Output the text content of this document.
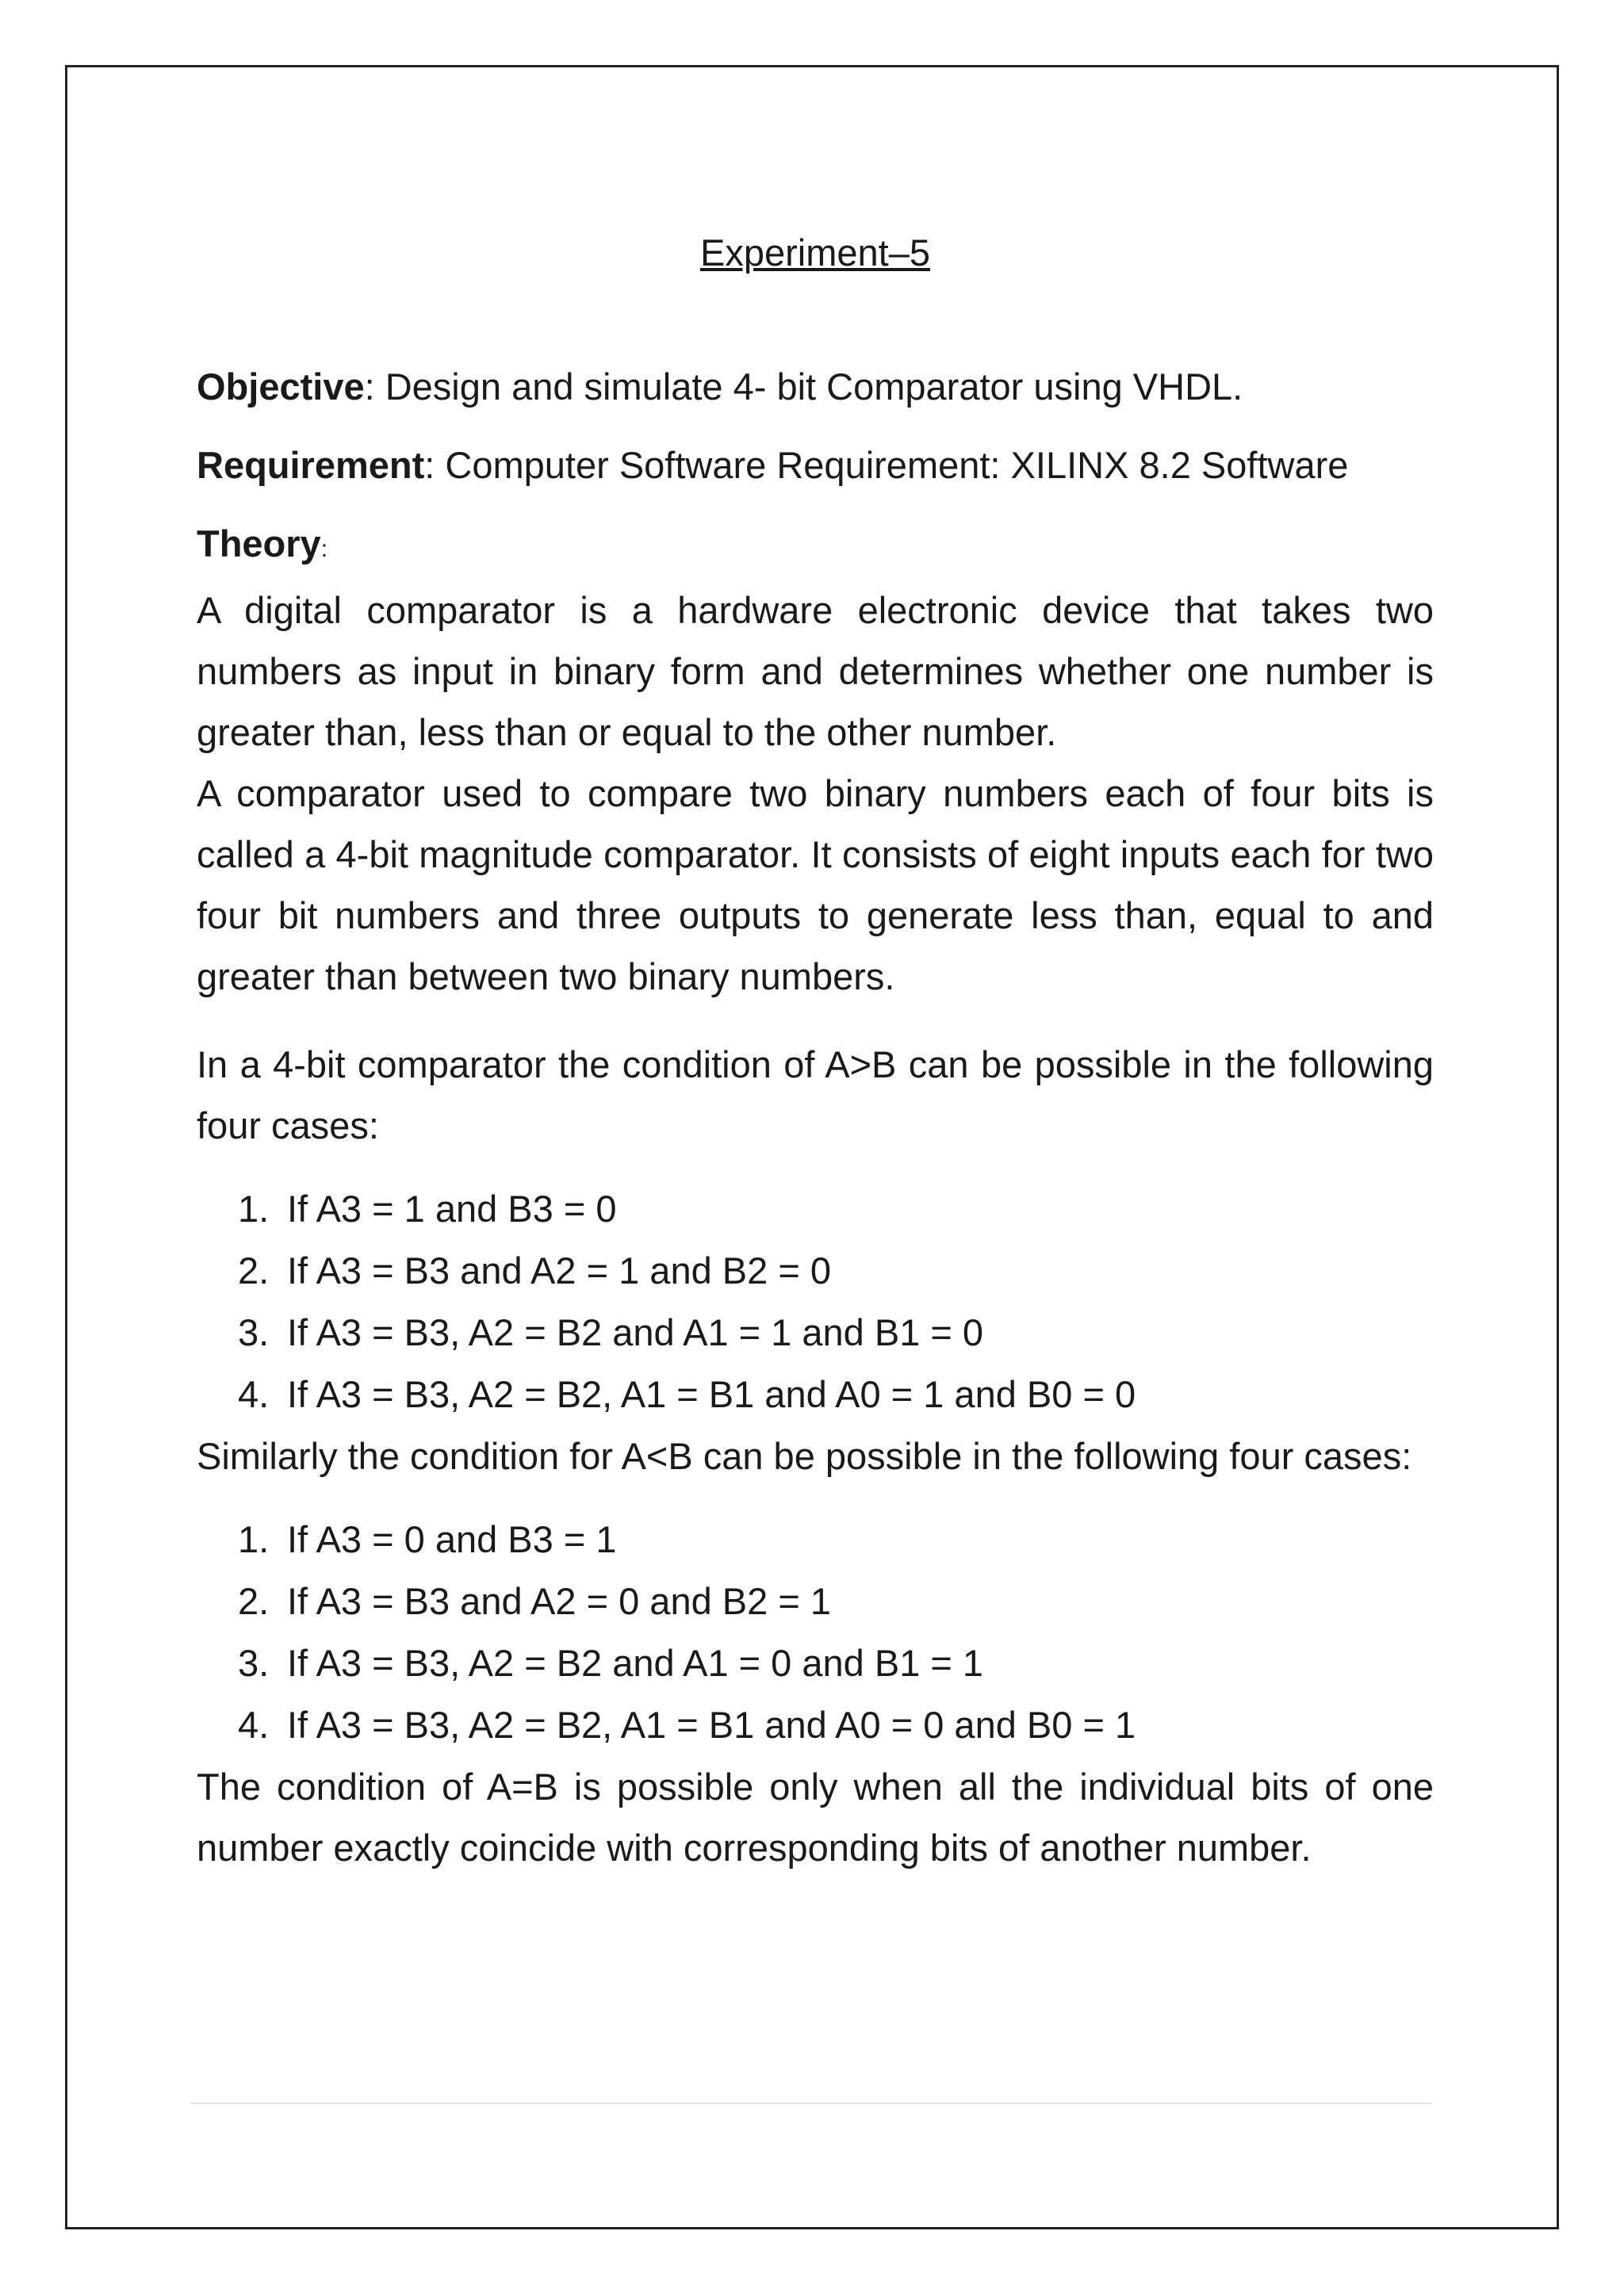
Experiment–5

Objective: Design and simulate 4- bit Comparator using VHDL.

Requirement: Computer Software Requirement: XILINX 8.2 Software

Theory:

A digital comparator is a hardware electronic device that takes two numbers as input in binary form and determines whether one number is greater than, less than or equal to the other number.

A comparator used to compare two binary numbers each of four bits is called a 4-bit magnitude comparator. It consists of eight inputs each for two four bit numbers and three outputs to generate less than, equal to and greater than between two binary numbers.

In a 4-bit comparator the condition of A>B can be possible in the following four cases:

1. If A3 = 1 and B3 = 0
2. If A3 = B3 and A2 = 1 and B2 = 0
3. If A3 = B3, A2 = B2 and A1 = 1 and B1 = 0
4. If A3 = B3, A2 = B2, A1 = B1 and A0 = 1 and B0 = 0

Similarly the condition for A<B can be possible in the following four cases:

1. If A3 = 0 and B3 = 1
2. If A3 = B3 and A2 = 0 and B2 = 1
3. If A3 = B3, A2 = B2 and A1 = 0 and B1 = 1
4. If A3 = B3, A2 = B2, A1 = B1 and A0 = 0 and B0 = 1

The condition of A=B is possible only when all the individual bits of one number exactly coincide with corresponding bits of another number.
